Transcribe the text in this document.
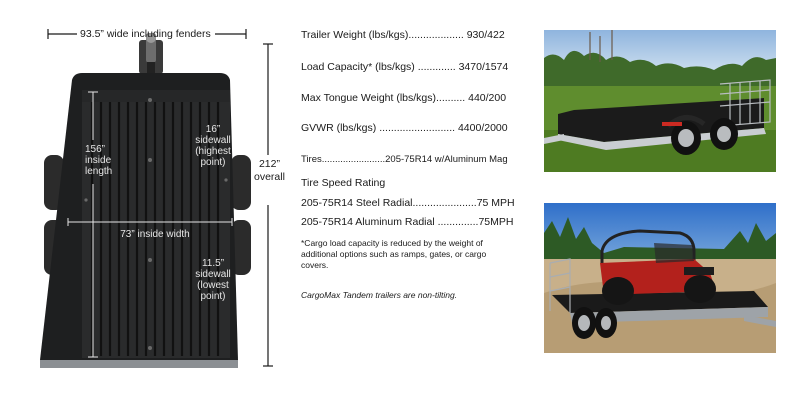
93.5” wide including fenders
212”
overall
156”
inside
length
73” inside width
16”
sidewall
(highest
point)
11.5”
sidewall
(lowest
point)
Trailer Weight (lbs/kgs)................... 930/422
Load Capacity* (lbs/kgs) ............. 3470/1574
Max Tongue Weight (lbs/kgs).......... 440/200
GVWR (lbs/kgs) .......................... 4400/2000
Tires........................205-75R14 w/Aluminum Mag
Tire Speed Rating
205-75R14 Steel Radial......................75 MPH
205-75R14 Aluminum Radial ..............75MPH
*Cargo load capacity is reduced by the weight of additional options such as ramps, gates, or cargo covers.
CargoMax Tandem trailers are non-tilting.
